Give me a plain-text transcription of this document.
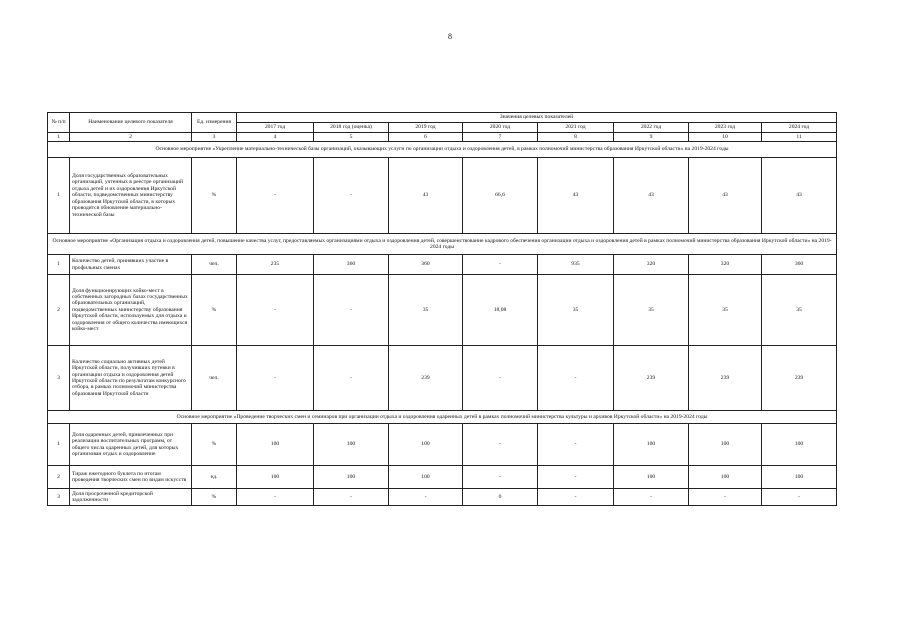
8
№ п/п	Наименование целевого показателя	Ед. измерения	Значения целевых показателей							
			2017 год	2018 год (оценка)	2019 год	2020 год	2021 год	2022 год	2023 год	2024 год
1	2	3	4	5	6	7	8	9	10	11
Основное мероприятие «Укрепление материально-технической базы организаций, оказывающих услуги по организации отдыха и оздоровления детей, в рамках полномочий министерства образования Иркутской области» на 2019-2024 годы										
1	Доля государственных образовательных организаций, учтенных в реестре организаций отдыха детей и их оздоровления Иркутской области, подведомственных министерству образования Иркутской области, в которых проводится обновление материально-технической базы	%	-	-	43	66,6	43	43	43	43
Основное мероприятие «Организация отдыха и оздоровления детей, повышение качества услуг, предоставляемых организациями отдыха и оздоровления детей, совершенствование кадрового обеспечения организации отдыха и оздоровления детей в рамках полномочий министерства образования Иркутской области» на 2019-2024 годы										
1	Количество детей, принявших участие в профильных сменах	чел.	235	360	360	-	935	320	320	360
2	Доля функционирующих койко-мест в собственных загородных базах государственных образовательных организаций, подведомственных министерству образования Иркутской области, используемых для отдыха и оздоровления от общего количества имеющихся койко-мест	%	-	-	35	18,08	35	35	35	35
3	Количество социально активных детей Иркутской области, получивших путевки в организации отдыха и оздоровления детей Иркутской области по результатам конкурсного отбора, в рамках полномочий министерства образования Иркутской области	чел.	-	-	239	-	-	239	239	239
Основное мероприятие «Проведение творческих смен и семинаров при организации отдыха и оздоровления одаренных детей в рамках полномочий министерства культуры и архивов Иркутской области» на 2019-2024 годы										
1	Доля одаренных детей, привлеченных при реализации воспитательных программ, от общего числа одаренных детей, для которых организован отдых и оздоровление	%	100	100	100	-	-	100	100	100
2	Тираж ежегодного буклета по итогам проведения творческих смен по видам искусств	ед.	100	100	100	-	-	100	100	100
3	Доля просроченной кредиторской задолженности	%	-	-	-	0	-	-	-	-
